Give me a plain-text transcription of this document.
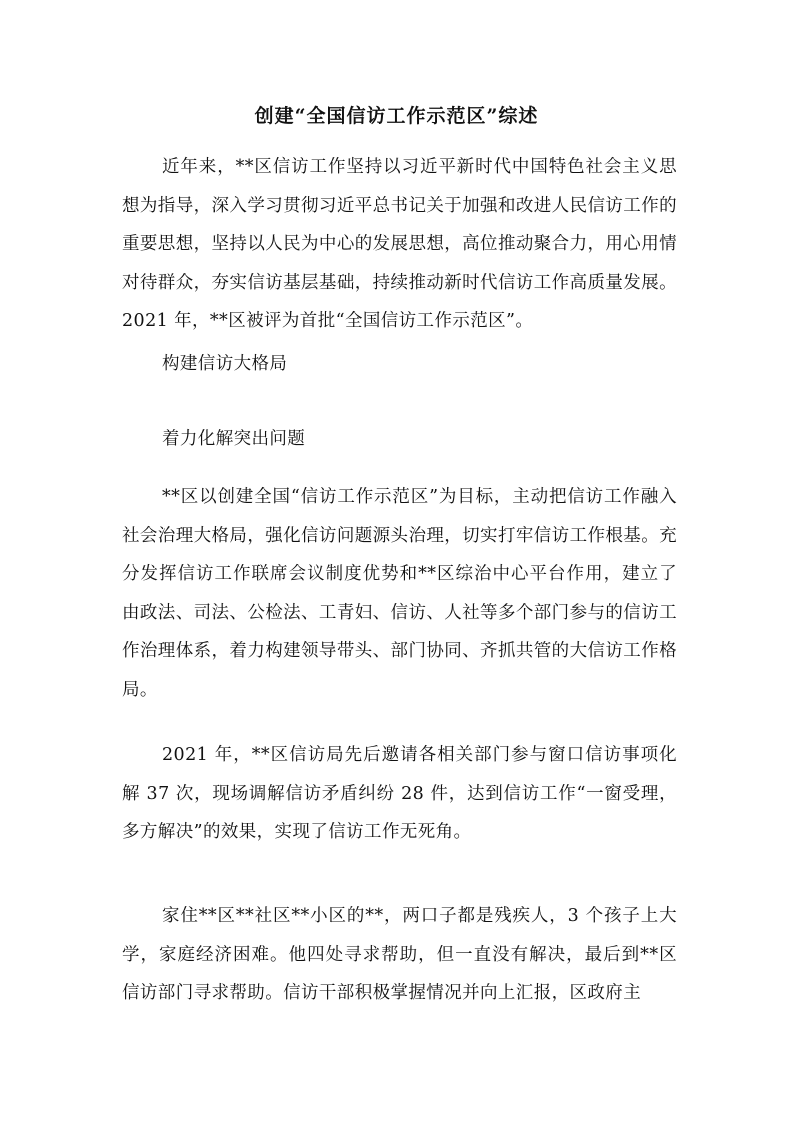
创建“全国信访工作示范区”综述

近年来，**区信访工作坚持以习近平新时代中国特色社会主义思想为指导，深入学习贯彻习近平总书记关于加强和改进人民信访工作的重要思想，坚持以人民为中心的发展思想，高位推动聚合力，用心用情对待群众，夯实信访基层基础，持续推动新时代信访工作高质量发展。2021 年，**区被评为首批“全国信访工作示范区”。

构建信访大格局

着力化解突出问题

**区以创建全国“信访工作示范区”为目标，主动把信访工作融入社会治理大格局，强化信访问题源头治理，切实打牢信访工作根基。充分发挥信访工作联席会议制度优势和**区综治中心平台作用，建立了由政法、司法、公检法、工青妇、信访、人社等多个部门参与的信访工作治理体系，着力构建领导带头、部门协同、齐抓共管的大信访工作格局。

2021 年，**区信访局先后邀请各相关部门参与窗口信访事项化解 37 次，现场调解信访矛盾纠纷 28 件，达到信访工作“一窗受理，多方解决”的效果，实现了信访工作无死角。

家住**区**社区**小区的**，两口子都是残疾人，3 个孩子上大学，家庭经济困难。他四处寻求帮助，但一直没有解决，最后到**区信访部门寻求帮助。信访干部积极掌握情况并向上汇报，区政府主
